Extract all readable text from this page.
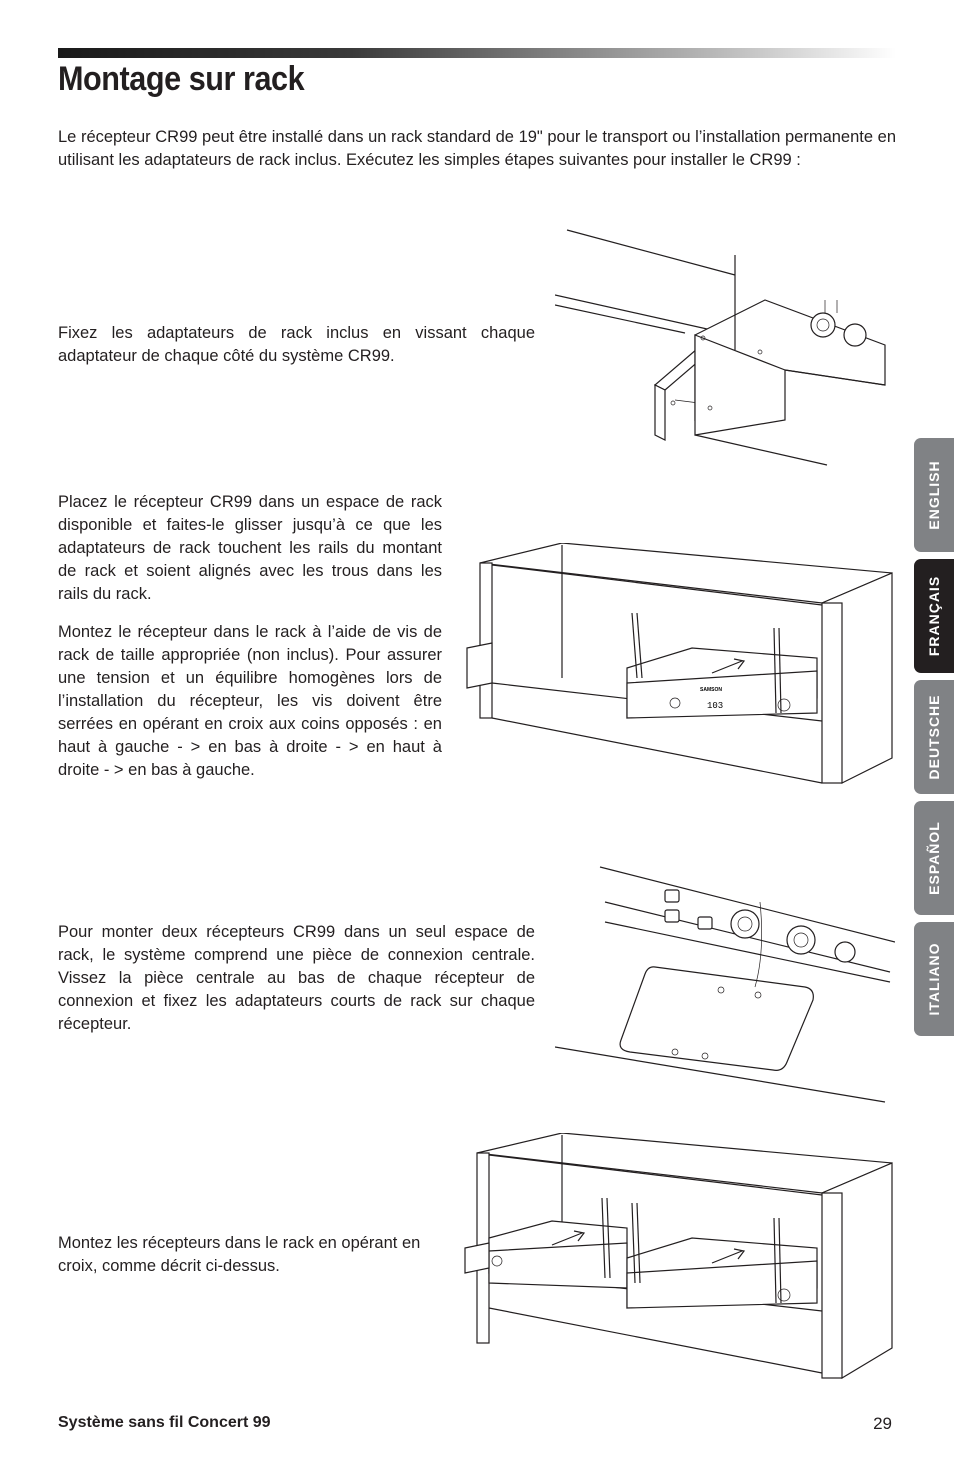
Montage sur rack

Le récepteur CR99 peut être installé dans un rack standard de 19" pour le transport ou l’installation permanente en utilisant les adaptateurs de rack inclus. Exécutez les simples étapes suivantes pour installer le CR99 :

Fixez les adaptateurs de rack inclus en vissant chaque adaptateur de chaque côté du système CR99.

Placez le récepteur CR99 dans un espace de rack disponible et faites-le glisser jusqu’à ce que les adaptateurs de rack touchent les rails du montant de rack et soient alignés avec les trous dans les rails du rack.

Montez le récepteur dans le rack à l’aide de vis de rack de taille appropriée (non inclus). Pour assurer une tension et un équilibre homogènes lors de l’installation du récepteur, les vis doivent être serrées en opérant en croix aux coins opposés : en haut à gauche - > en bas à droite - > en haut à droite - > en bas à gauche.

SAMSON
103

Pour monter deux récepteurs CR99 dans un seul espace de rack, le système comprend une pièce de connexion centrale. Vissez la pièce centrale au bas de chaque récepteur de connexion et fixez les adaptateurs courts de rack sur chaque récepteur.

Montez les récepteurs dans le rack en opérant en croix, comme décrit ci-dessus.

ENGLISH
FRANÇAIS
DEUTSCHE
ESPAÑOL
ITALIANO
Système sans fil Concert 99	29
